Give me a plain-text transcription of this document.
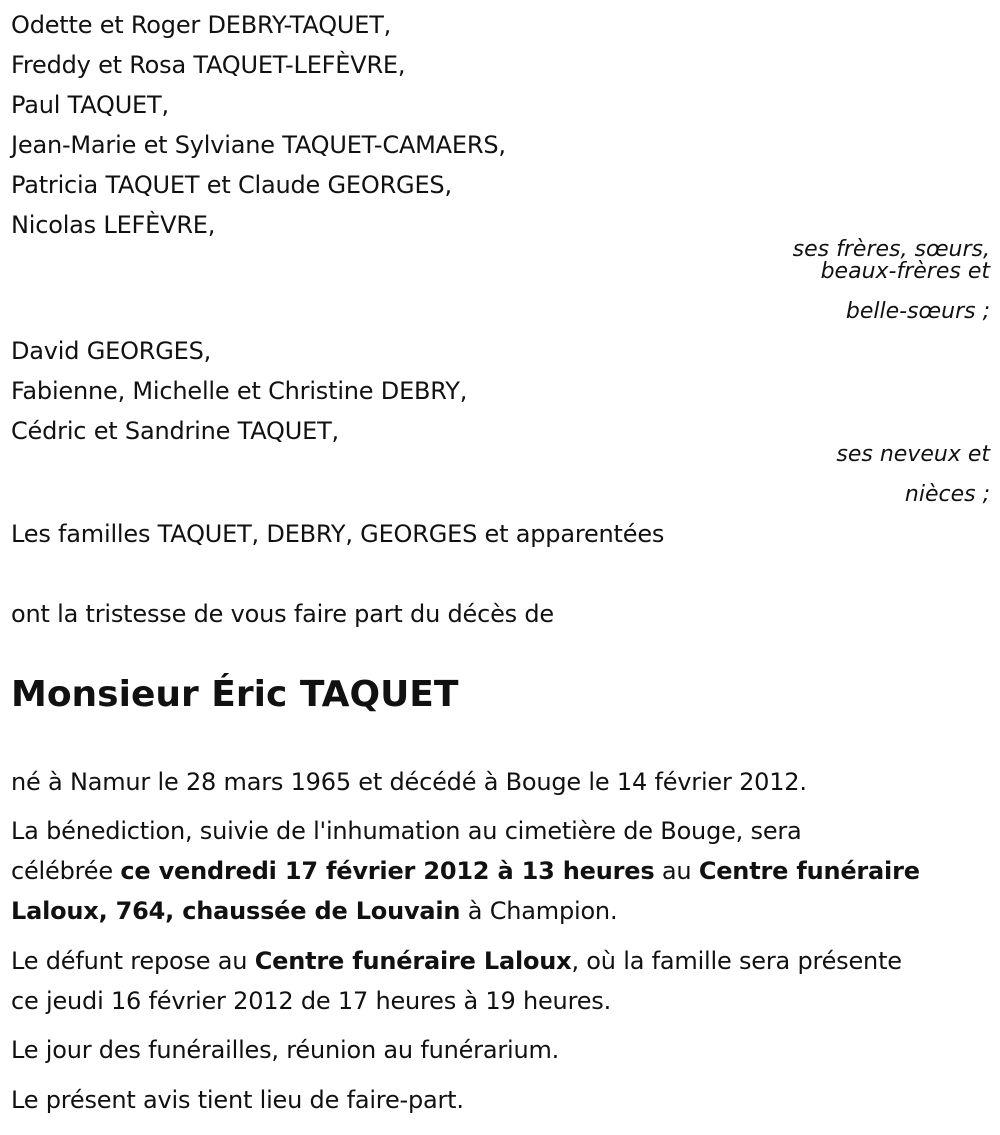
Odette et Roger DEBRY-TAQUET,
Freddy et Rosa TAQUET-LEFÈVRE,
Paul TAQUET,
Jean-Marie et Sylviane TAQUET-CAMAERS,
Patricia TAQUET et Claude GEORGES,
Nicolas LEFÈVRE,
ses frères, sœurs,
beaux-frères et
belle-sœurs ;
David GEORGES,
Fabienne, Michelle et Christine DEBRY,
Cédric et Sandrine TAQUET,
ses neveux et
nièces ;
Les familles TAQUET, DEBRY, GEORGES et apparentées
ont la tristesse de vous faire part du décès de
Monsieur Éric TAQUET
né à Namur le 28 mars 1965 et décédé à Bouge le 14 février 2012.
La bénediction, suivie de l'inhumation au cimetière de Bouge, sera
célébrée ce vendredi 17 février 2012 à 13 heures au Centre funéraire
Laloux, 764, chaussée de Louvain à Champion.
Le défunt repose au Centre funéraire Laloux, où la famille sera présente
ce jeudi 16 février 2012 de 17 heures à 19 heures.
Le jour des funérailles, réunion au funérarium.
Le présent avis tient lieu de faire-part.
